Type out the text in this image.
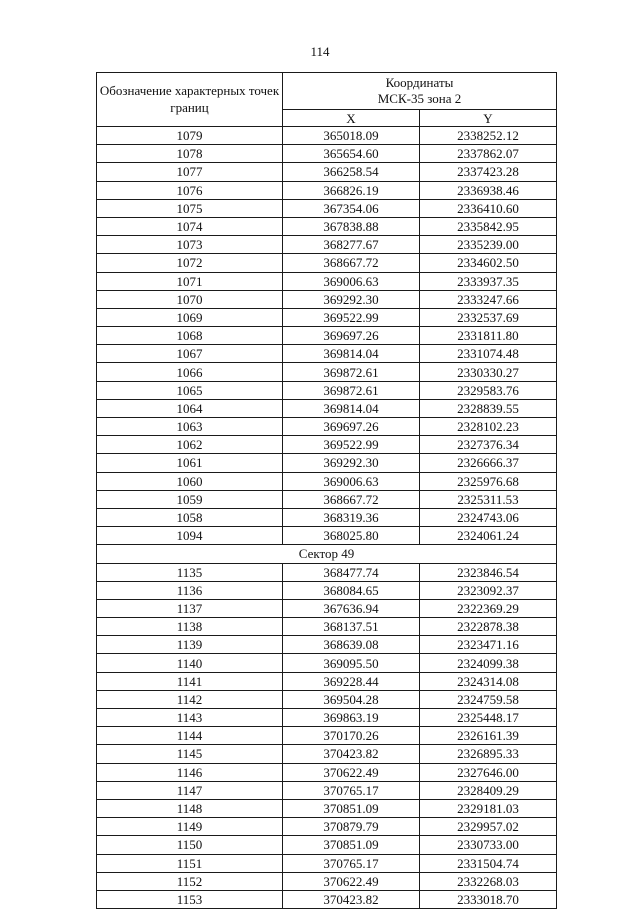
114
Обозначение характерных точек границ	Координаты
МСК-35 зона 2	
	X	Y
1079	365018.09	2338252.12
1078	365654.60	2337862.07
1077	366258.54	2337423.28
1076	366826.19	2336938.46
1075	367354.06	2336410.60
1074	367838.88	2335842.95
1073	368277.67	2335239.00
1072	368667.72	2334602.50
1071	369006.63	2333937.35
1070	369292.30	2333247.66
1069	369522.99	2332537.69
1068	369697.26	2331811.80
1067	369814.04	2331074.48
1066	369872.61	2330330.27
1065	369872.61	2329583.76
1064	369814.04	2328839.55
1063	369697.26	2328102.23
1062	369522.99	2327376.34
1061	369292.30	2326666.37
1060	369006.63	2325976.68
1059	368667.72	2325311.53
1058	368319.36	2324743.06
1094	368025.80	2324061.24
Сектор 49		
1135	368477.74	2323846.54
1136	368084.65	2323092.37
1137	367636.94	2322369.29
1138	368137.51	2322878.38
1139	368639.08	2323471.16
1140	369095.50	2324099.38
1141	369228.44	2324314.08
1142	369504.28	2324759.58
1143	369863.19	2325448.17
1144	370170.26	2326161.39
1145	370423.82	2326895.33
1146	370622.49	2327646.00
1147	370765.17	2328409.29
1148	370851.09	2329181.03
1149	370879.79	2329957.02
1150	370851.09	2330733.00
1151	370765.17	2331504.74
1152	370622.49	2332268.03
1153	370423.82	2333018.70
